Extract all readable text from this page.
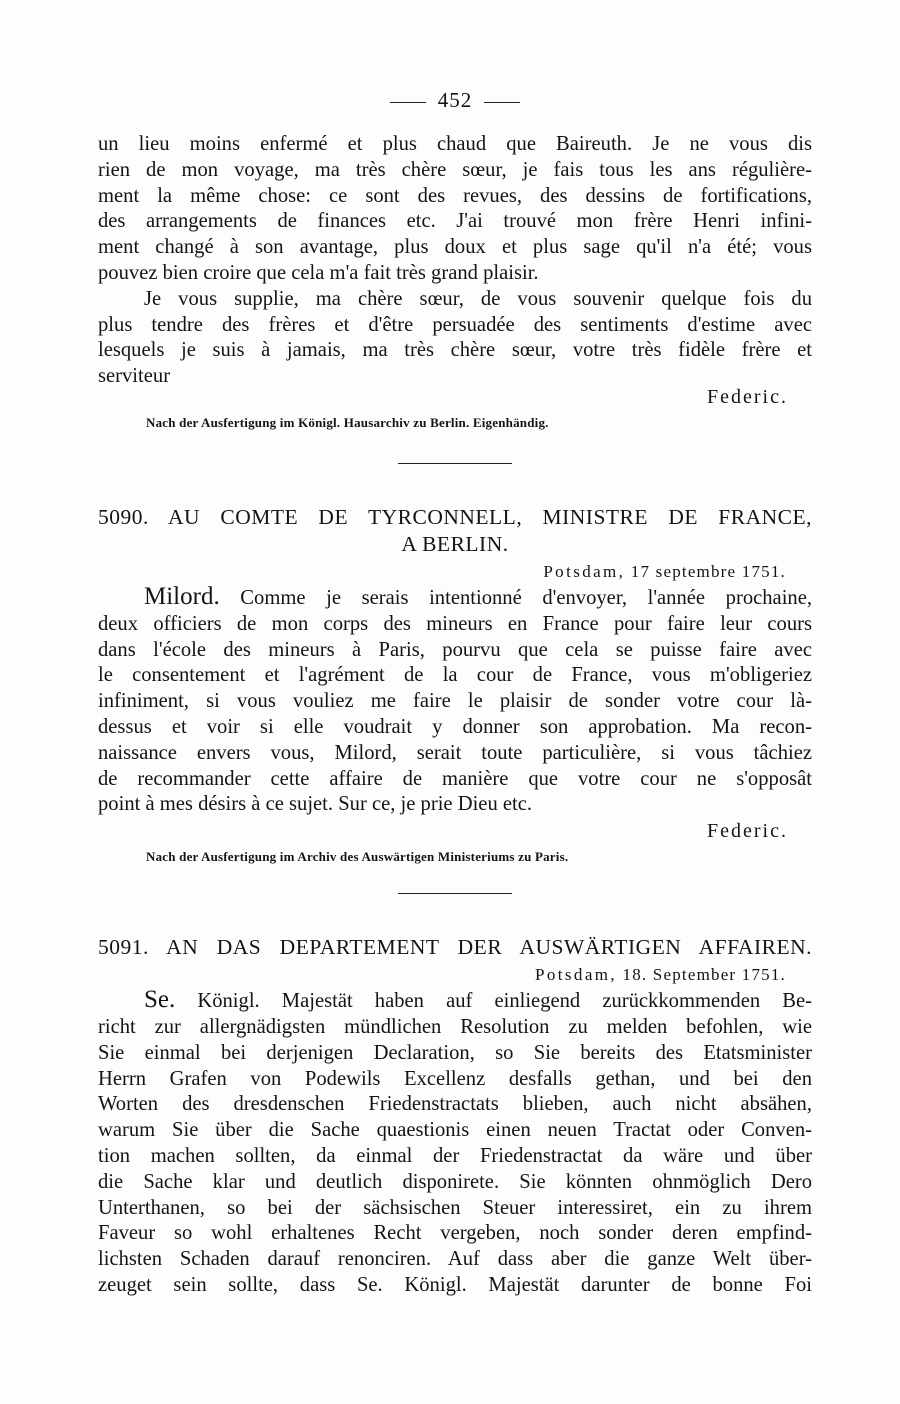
452
un lieu moins enfermé et plus chaud que Baireuth. Je ne vous dis
rien de mon voyage, ma très chère sœur, je fais tous les ans régulière-
ment la même chose: ce sont des revues, des dessins de fortifications,
des arrangements de finances etc. J'ai trouvé mon frère Henri infini-
ment changé à son avantage, plus doux et plus sage qu'il n'a été; vous
pouvez bien croire que cela m'a fait très grand plaisir.
Je vous supplie, ma chère sœur, de vous souvenir quelque fois du
plus tendre des frères et d'être persuadée des sentiments d'estime avec
lesquels je suis à jamais, ma très chère sœur, votre très fidèle frère et
serviteur
Federic.
Nach der Ausfertigung im Königl. Hausarchiv zu Berlin. Eigenhändig.
5090. AU COMTE DE TYRCONNELL, MINISTRE DE FRANCE,
A BERLIN.
Potsdam, 17 septembre 1751.
Milord. Comme je serais intentionné d'envoyer, l'année prochaine,
deux officiers de mon corps des mineurs en France pour faire leur cours
dans l'école des mineurs à Paris, pourvu que cela se puisse faire avec
le consentement et l'agrément de la cour de France, vous m'obligeriez
infiniment, si vous vouliez me faire le plaisir de sonder votre cour là-
dessus et voir si elle voudrait y donner son approbation. Ma recon-
naissance envers vous, Milord, serait toute particulière, si vous tâchiez
de recommander cette affaire de manière que votre cour ne s'opposât
point à mes désirs à ce sujet. Sur ce, je prie Dieu etc.
Federic.
Nach der Ausfertigung im Archiv des Auswärtigen Ministeriums zu Paris.
5091. AN DAS DEPARTEMENT DER AUSWÄRTIGEN AFFAIREN.
Potsdam, 18. September 1751.
Se. Königl. Majestät haben auf einliegend zurückkommenden Be-
richt zur allergnädigsten mündlichen Resolution zu melden befohlen, wie
Sie einmal bei derjenigen Declaration, so Sie bereits des Etatsminister
Herrn Grafen von Podewils Excellenz desfalls gethan, und bei den
Worten des dresdenschen Friedenstractats blieben, auch nicht absähen,
warum Sie über die Sache quaestionis einen neuen Tractat oder Conven-
tion machen sollten, da einmal der Friedenstractat da wäre und über
die Sache klar und deutlich disponirete. Sie könnten ohnmöglich Dero
Unterthanen, so bei der sächsischen Steuer interessiret, ein zu ihrem
Faveur so wohl erhaltenes Recht vergeben, noch sonder deren empfind-
lichsten Schaden darauf renonciren. Auf dass aber die ganze Welt über-
zeuget sein sollte, dass Se. Königl. Majestät darunter de bonne Foi
